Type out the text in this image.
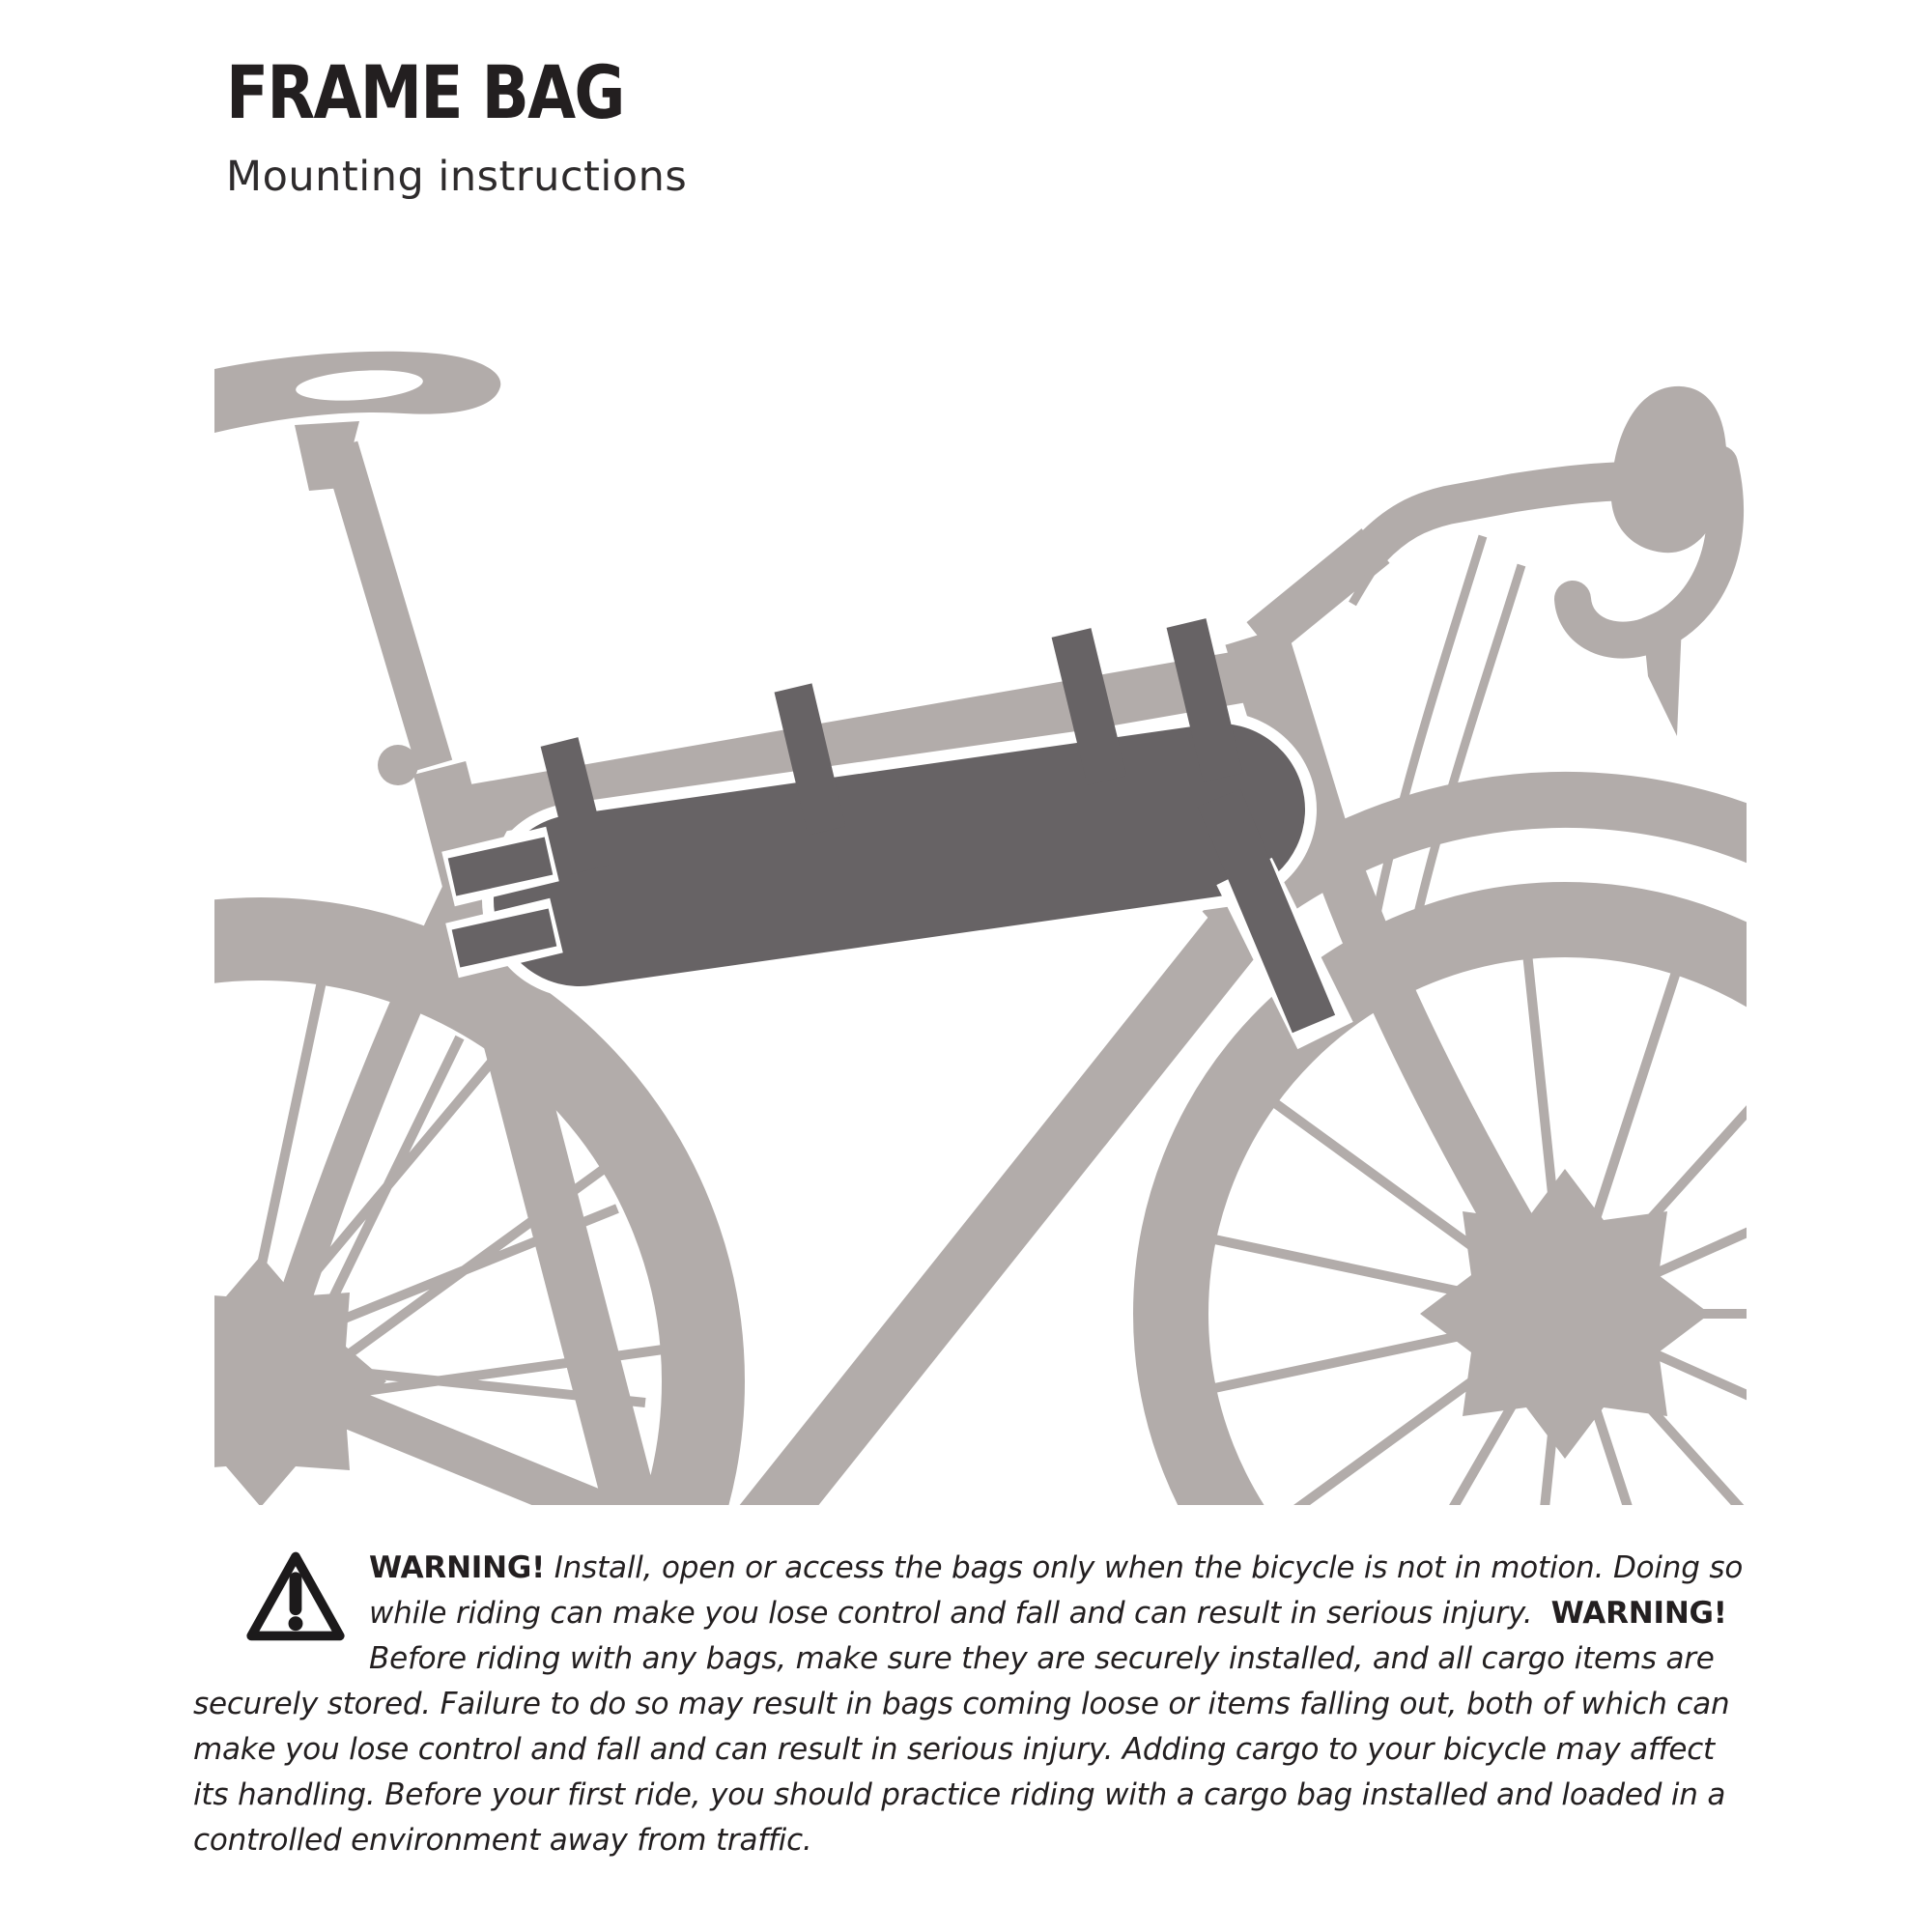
FRAME BAG
Mounting instructions

WARNING! Install, open or access the bags only when the bicycle is not in motion. Doing so while riding can make you lose control and fall and can result in serious injury. WARNING! Before riding with any bags, make sure they are securely installed, and all cargo items are securely stored. Failure to do so may result in bags coming loose or items falling out, both of which can make you lose control and fall and can result in serious injury. Adding cargo to your bicycle may affect its handling. Before your first ride, you should practice riding with a cargo bag installed and loaded in a controlled environment away from traffic.
